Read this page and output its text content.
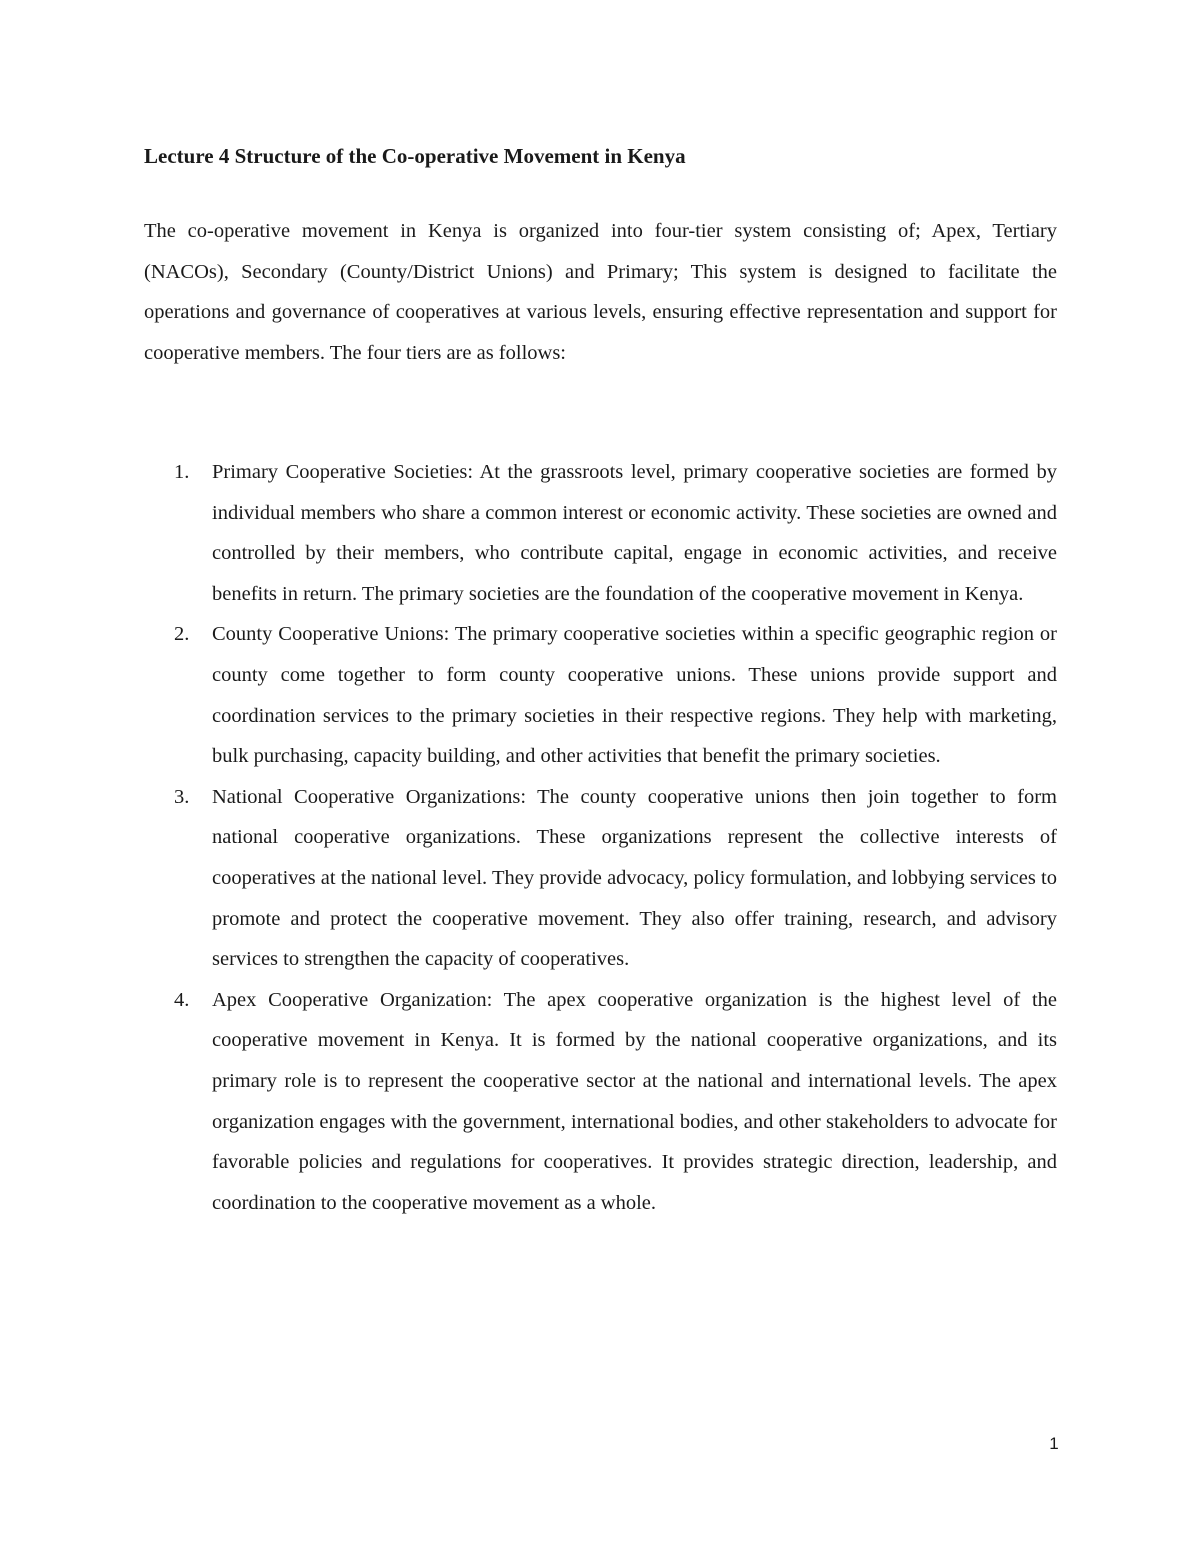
Lecture 4 Structure of the Co-operative Movement in Kenya

The co-operative movement in Kenya is organized into four-tier system consisting of; Apex, Tertiary (NACOs), Secondary (County/District Unions) and Primary; This system is designed to facilitate the operations and governance of cooperatives at various levels, ensuring effective representation and support for cooperative members. The four tiers are as follows:

1. Primary Cooperative Societies: At the grassroots level, primary cooperative societies are formed by individual members who share a common interest or economic activity. These societies are owned and controlled by their members, who contribute capital, engage in economic activities, and receive benefits in return. The primary societies are the foundation of the cooperative movement in Kenya.
2. County Cooperative Unions: The primary cooperative societies within a specific geographic region or county come together to form county cooperative unions. These unions provide support and coordination services to the primary societies in their respective regions. They help with marketing, bulk purchasing, capacity building, and other activities that benefit the primary societies.
3. National Cooperative Organizations: The county cooperative unions then join together to form national cooperative organizations. These organizations represent the collective interests of cooperatives at the national level. They provide advocacy, policy formulation, and lobbying services to promote and protect the cooperative movement. They also offer training, research, and advisory services to strengthen the capacity of cooperatives.
4. Apex Cooperative Organization: The apex cooperative organization is the highest level of the cooperative movement in Kenya. It is formed by the national cooperative organizations, and its primary role is to represent the cooperative sector at the national and international levels. The apex organization engages with the government, international bodies, and other stakeholders to advocate for favorable policies and regulations for cooperatives. It provides strategic direction, leadership, and coordination to the cooperative movement as a whole.
1
